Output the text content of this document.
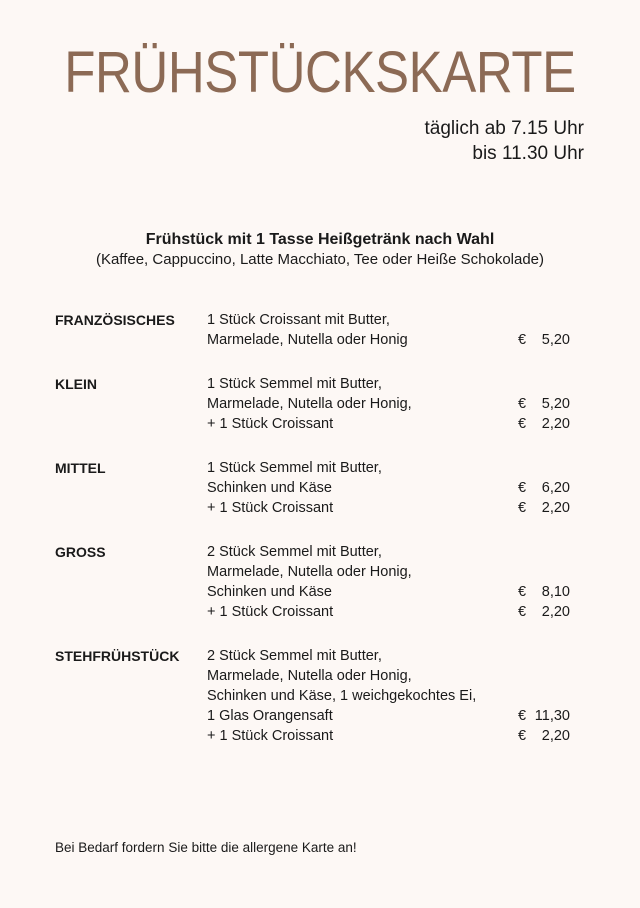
FRÜHSTÜCKSKARTE
täglich ab 7.15 Uhr
bis 11.30 Uhr
Frühstück mit 1 Tasse Heißgetränk nach Wahl
(Kaffee, Cappuccino, Latte Macchiato, Tee oder Heiße Schokolade)
FRANZÖSISCHES 1 Stück Croissant mit Butter,
Marmelade, Nutella oder Honig	€ 5,20
KLEIN	1 Stück Semmel mit Butter,
Marmelade, Nutella oder Honig,	€ 5,20
+ 1 Stück Croissant	€ 2,20
MITTEL	1 Stück Semmel mit Butter,
Schinken und Käse	€ 6,20
+ 1 Stück Croissant	€ 2,20
GROSS	2 Stück Semmel mit Butter,
Marmelade, Nutella oder Honig,
Schinken und Käse	€ 8,10
+ 1 Stück Croissant	€ 2,20
STEHFRÜHSTÜCK 2 Stück Semmel mit Butter,
Marmelade, Nutella oder Honig,
Schinken und Käse, 1 weichgekochtes Ei,
1 Glas Orangensaft	€ 11,30
+ 1 Stück Croissant	€ 2,20
Bei Bedarf fordern Sie bitte die allergene Karte an!
